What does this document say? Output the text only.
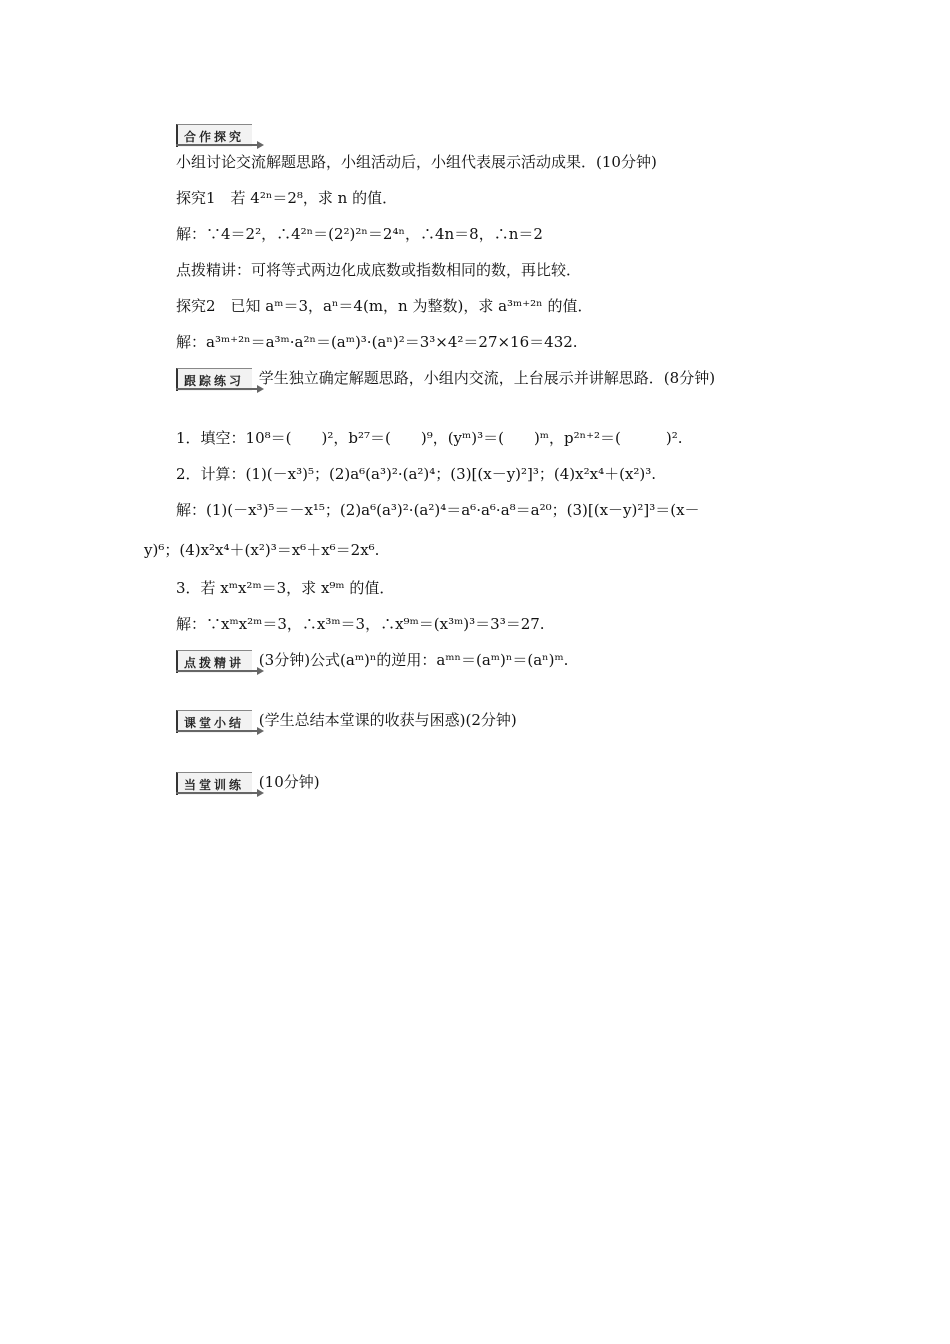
合作探究
小组讨论交流解题思路，小组活动后，小组代表展示活动成果．(10分钟)
探究1　若 4²ⁿ＝2⁸，求 n 的值．
解：∵4＝2²，∴4²ⁿ＝(2²)²ⁿ＝2⁴ⁿ，∴4n＝8，∴n＝2
点拨精讲：可将等式两边化成底数或指数相同的数，再比较．
探究2　已知 aᵐ＝3，aⁿ＝4(m，n 为整数)，求 a³ᵐ⁺²ⁿ 的值．
解：a³ᵐ⁺²ⁿ＝a³ᵐ·a²ⁿ＝(aᵐ)³·(aⁿ)²＝3³×4²＝27×16＝432.
跟踪练习 学生独立确定解题思路，小组内交流，上台展示并讲解思路．(8分钟)
1．填空：10⁸＝(　　)²，b²⁷＝(　　)⁹，(yᵐ)³＝(　　)ᵐ，p²ⁿ⁺²＝(　　　)².
2．计算：(1)(－x³)⁵；(2)a⁶(a³)²·(a²)⁴；(3)[(x－y)²]³；(4)x²x⁴＋(x²)³.
解：(1)(－x³)⁵＝－x¹⁵；(2)a⁶(a³)²·(a²)⁴＝a⁶·a⁶·a⁸＝a²⁰；(3)[(x－y)²]³＝(x－
y)⁶；(4)x²x⁴＋(x²)³＝x⁶＋x⁶＝2x⁶.
3．若 xᵐx²ᵐ＝3，求 x⁹ᵐ 的值．
解：∵xᵐx²ᵐ＝3，∴x³ᵐ＝3，∴x⁹ᵐ＝(x³ᵐ)³＝3³＝27.
点拨精讲 (3分钟)公式(aᵐ)ⁿ的逆用：aᵐⁿ＝(aᵐ)ⁿ＝(aⁿ)ᵐ.
课堂小结 (学生总结本堂课的收获与困惑)(2分钟)
当堂训练 (10分钟)
